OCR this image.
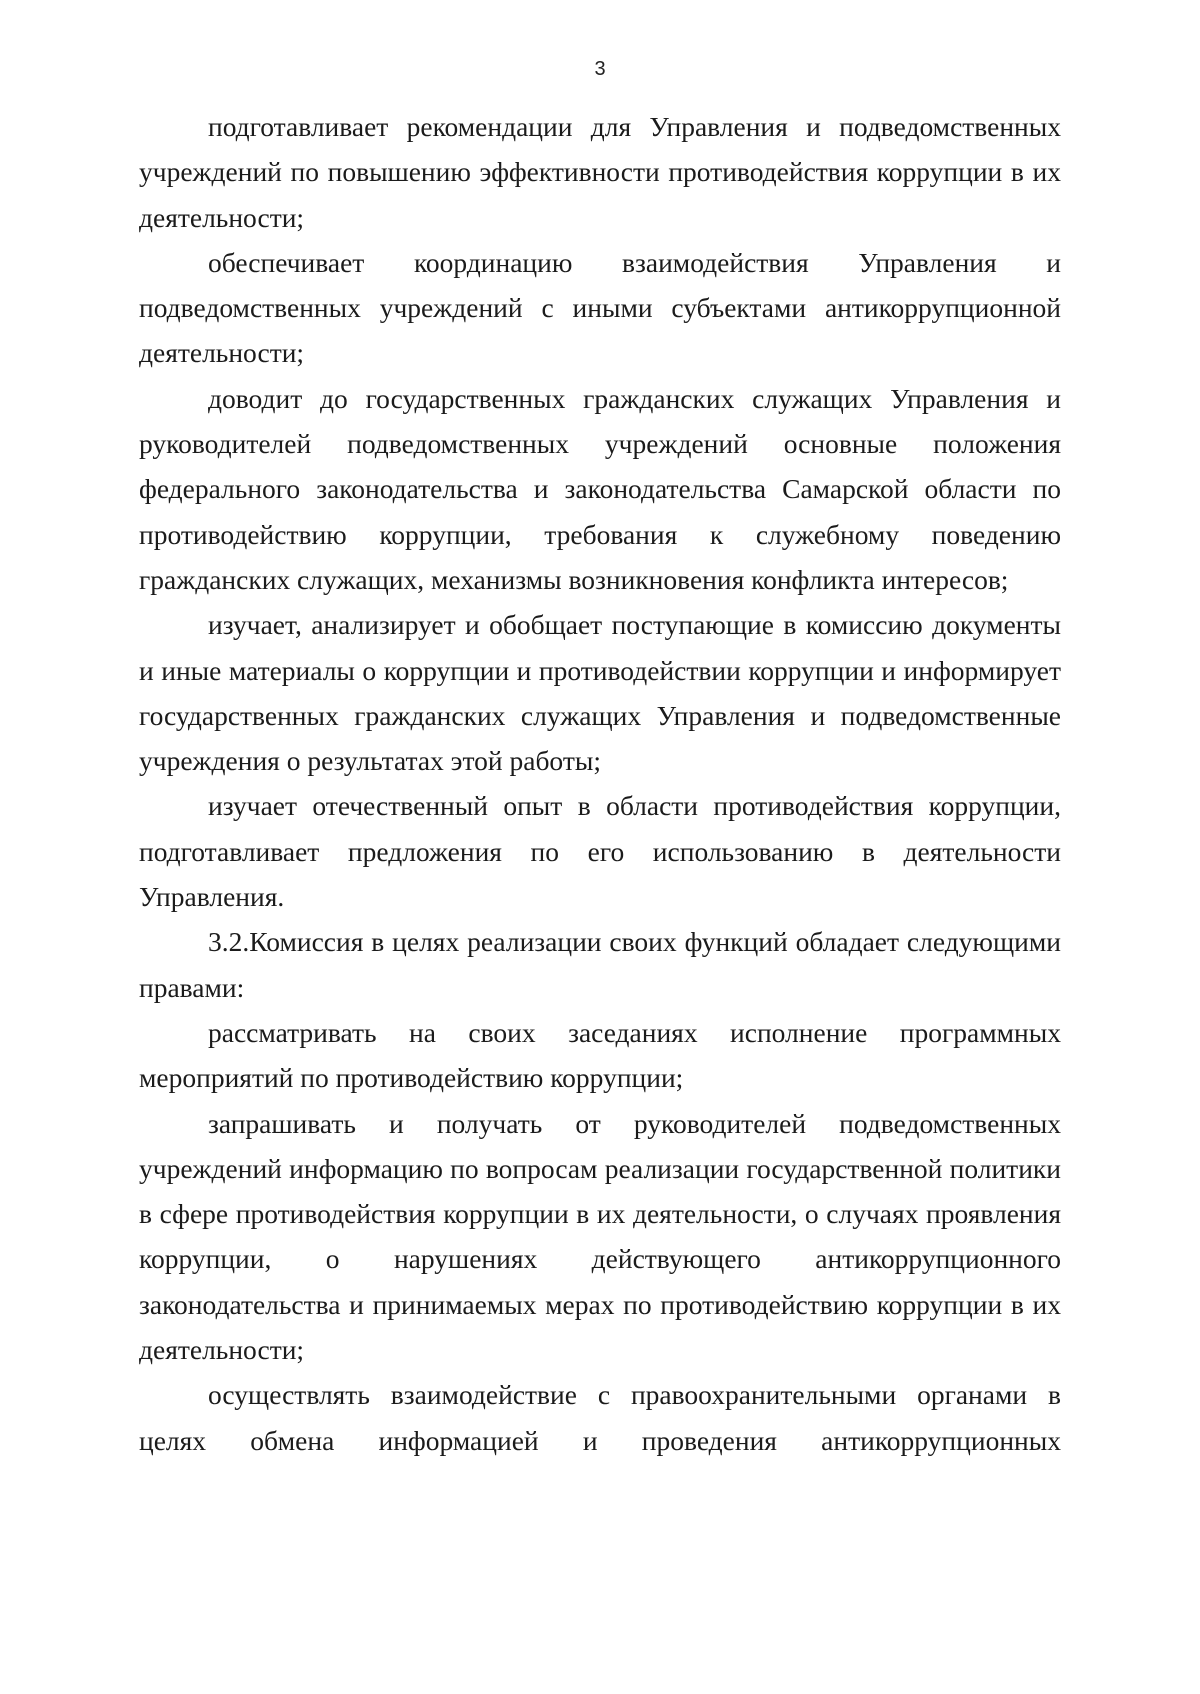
3

подготавливает рекомендации для Управления и подведомственных учреждений по повышению эффективности противодействия коррупции в их деятельности;

обеспечивает координацию взаимодействия Управления и подведомственных учреждений с иными субъектами антикоррупционной деятельности;

доводит до государственных гражданских служащих Управления и руководителей подведомственных учреждений основные положения федерального законодательства и законодательства Самарской области по противодействию коррупции, требования к служебному поведению гражданских служащих, механизмы возникновения конфликта интересов;

изучает, анализирует и обобщает поступающие в комиссию документы и иные материалы о коррупции и противодействии коррупции и информирует государственных гражданских служащих Управления и подведомственные учреждения о результатах этой работы;

изучает отечественный опыт в области противодействия коррупции, подготавливает предложения по его использованию в деятельности Управления.

3.2.Комиссия в целях реализации своих функций обладает следующими правами:

рассматривать на своих заседаниях исполнение программных мероприятий по противодействию коррупции;

запрашивать и получать от руководителей подведомственных учреждений информацию по вопросам реализации государственной политики в сфере противодействия коррупции в их деятельности, о случаях проявления коррупции, о нарушениях действующего антикоррупционного законодательства и принимаемых мерах по противодействию коррупции в их деятельности;

осуществлять взаимодействие с правоохранительными органами в целях обмена информацией и проведения антикоррупционных
